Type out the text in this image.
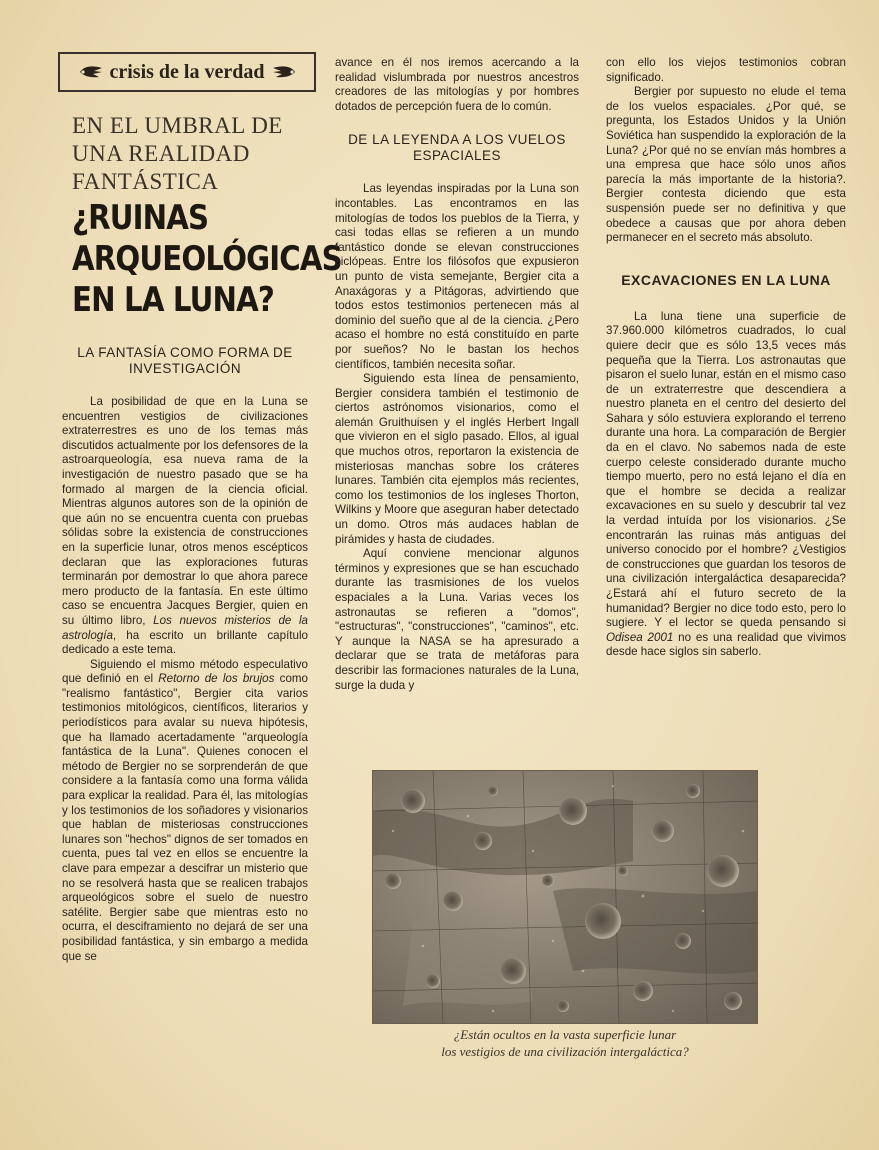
crisis de la verdad
EN EL UMBRAL DE UNA REALIDAD FANTÁSTICA
¿RUINAS ARQUEOLÓGICAS EN LA LUNA?
LA FANTASÍA COMO FORMA DE INVESTIGACIÓN

La posibilidad de que en la Luna se encuentren vestigios de civilizaciones extraterrestres es uno de los temas más discutidos actualmente por los defensores de la astroarqueología, esa nueva rama de la investigación de nuestro pasado que se ha formado al margen de la ciencia oficial. Mientras algunos autores son de la opinión de que aún no se encuentra cuenta con pruebas sólidas sobre la existencia de construcciones en la superficie lunar, otros menos escépticos declaran que las exploraciones futuras terminarán por demostrar lo que ahora parece mero producto de la fantasía. En este último caso se encuentra Jacques Bergier, quien en su último libro, Los nuevos misterios de la astrología, ha escrito un brillante capítulo dedicado a este tema.

Siguiendo el mismo método especulativo que definió en el Retorno de los brujos como "realismo fantástico", Bergier cita varios testimonios mitológicos, científicos, literarios y periodísticos para avalar su nueva hipótesis, que ha llamado acertadamente "arqueología fantástica de la Luna". Quienes conocen el método de Bergier no se sorprenderán de que considere a la fantasía como una forma válida para explicar la realidad. Para él, las mitologías y los testimonios de los soñadores y visionarios que hablan de misteriosas construcciones lunares son "hechos" dignos de ser tomados en cuenta, pues tal vez en ellos se encuentre la clave para empezar a descifrar un misterio que no se resolverá hasta que se realicen trabajos arqueológicos sobre el suelo de nuestro satélite. Bergier sabe que mientras esto no ocurra, el desciframiento no dejará de ser una posibilidad fantástica, y sin embargo a medida que se

avance en él nos iremos acercando a la realidad vislumbrada por nuestros ancestros creadores de las mitologías y por hombres dotados de percepción fuera de lo común.

DE LA LEYENDA A LOS VUELOS ESPACIALES

Las leyendas inspiradas por la Luna son incontables. Las encontramos en las mitologías de todos los pueblos de la Tierra, y casi todas ellas se refieren a un mundo fantástico donde se elevan construcciones ciclópeas. Entre los filósofos que expusieron un punto de vista semejante, Bergier cita a Anaxágoras y a Pitágoras, advirtiendo que todos estos testimonios pertenecen más al dominio del sueño que al de la ciencia. ¿Pero acaso el hombre no está constituído en parte por sueños? No le bastan los hechos científicos, también necesita soñar.

Siguiendo esta línea de pensamiento, Bergier considera también el testimonio de ciertos astrónomos visionarios, como el alemán Gruithuisen y el inglés Herbert Ingall que vivieron en el siglo pasado. Ellos, al igual que muchos otros, reportaron la existencia de misteriosas manchas sobre los cráteres lunares. También cita ejemplos más recientes, como los testimonios de los ingleses Thorton, Wilkins y Moore que aseguran haber detectado un domo. Otros más audaces hablan de pirámides y hasta de ciudades.

Aquí conviene mencionar algunos términos y expresiones que se han escuchado durante las trasmisiones de los vuelos espaciales a la Luna. Varias veces los astronautas se refieren a "domos", "estructuras", "construcciones", "caminos", etc. Y aunque la NASA se ha apresurado a declarar que se trata de metáforas para describir las formaciones naturales de la Luna, surge la duda y

con ello los viejos testimonios cobran significado.

Bergier por supuesto no elude el tema de los vuelos espaciales. ¿Por qué, se pregunta, los Estados Unidos y la Unión Soviética han suspendido la exploración de la Luna? ¿Por qué no se envían más hombres a una empresa que hace sólo unos años parecía la más importante de la historia?. Bergier contesta diciendo que esta suspensión puede ser no definitiva y que obedece a causas que por ahora deben permanecer en el secreto más absoluto.

EXCAVACIONES EN LA LUNA

La luna tiene una superficie de 37.960.000 kilómetros cuadrados, lo cual quiere decir que es sólo 13,5 veces más pequeña que la Tierra. Los astronautas que pisaron el suelo lunar, están en el mismo caso de un extraterrestre que descendiera a nuestro planeta en el centro del desierto del Sahara y sólo estuviera explorando el terreno durante una hora. La comparación de Bergier da en el clavo. No sabemos nada de este cuerpo celeste considerado durante mucho tiempo muerto, pero no está lejano el día en que el hombre se decida a realizar excavaciones en su suelo y descubrir tal vez la verdad intuída por los visionarios. ¿Se encontrarán las ruinas más antiguas del universo conocido por el hombre? ¿Vestigios de construcciones que guardan los tesoros de una civilización intergaláctica desaparecida? ¿Estará ahí el futuro secreto de la humanidad? Bergier no dice todo esto, pero lo sugiere. Y el lector se queda pensando si Odisea 2001 no es una realidad que vivimos desde hace siglos sin saberlo.

¿Están ocultos en la vasta superficie lunar
los vestigios de una civilización intergaláctica?
